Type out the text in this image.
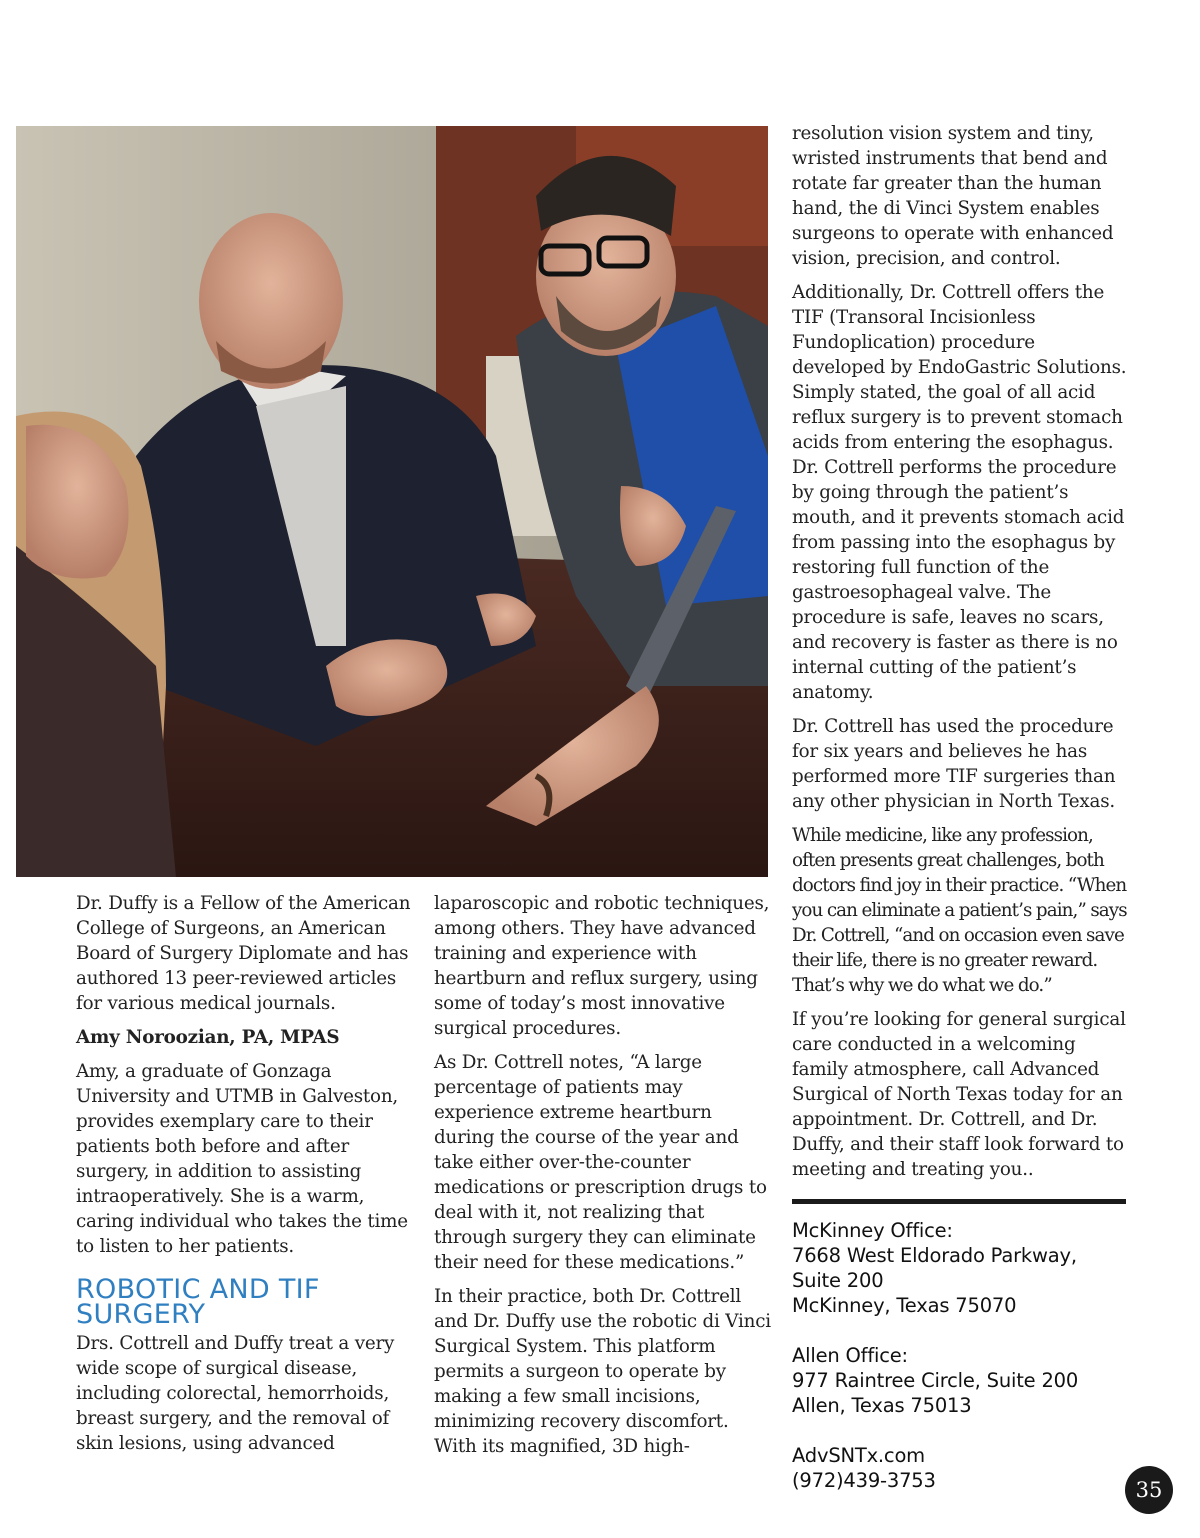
Dr. Duffy is a Fellow of the American College of Surgeons, an American Board of Surgery Diplomate and has authored 13 peer-reviewed articles for various medical journals.

Amy Noroozian, PA, MPAS

Amy, a graduate of Gonzaga University and UTMB in Galveston, provides exemplary care to their patients both before and after surgery, in addition to assisting intraoperatively. She is a warm, caring individual who takes the time to listen to her patients.

ROBOTIC AND TIF SURGERY

Drs. Cottrell and Duffy treat a very wide scope of surgical disease, including colorectal, hemorrhoids, breast surgery, and the removal of skin lesions, using advanced

laparoscopic and robotic techniques, among others. They have advanced training and experience with heartburn and reflux surgery, using some of today’s most innovative surgical procedures.

As Dr. Cottrell notes, “A large percentage of patients may experience extreme heartburn during the course of the year and take either over-the-counter medications or prescription drugs to deal with it, not realizing that through surgery they can eliminate their need for these medications.”

In their practice, both Dr. Cottrell and Dr. Duffy use the robotic di Vinci Surgical System. This platform permits a surgeon to operate by making a few small incisions, minimizing recovery discomfort. With its magnified, 3D high-

resolution vision system and tiny, wristed instruments that bend and rotate far greater than the human hand, the di Vinci System enables surgeons to operate with enhanced vision, precision, and control.

Additionally, Dr. Cottrell offers the TIF (Transoral Incisionless Fundoplication) procedure developed by EndoGastric Solutions. Simply stated, the goal of all acid reflux surgery is to prevent stomach acids from entering the esophagus. Dr. Cottrell performs the procedure by going through the patient’s mouth, and it prevents stomach acid from passing into the esophagus by restoring full function of the gastroesophageal valve. The procedure is safe, leaves no scars, and recovery is faster as there is no internal cutting of the patient’s anatomy.

Dr. Cottrell has used the procedure for six years and believes he has performed more TIF surgeries than any other physician in North Texas.

While medicine, like any profession, often presents great challenges, both doctors find joy in their practice. “When you can eliminate a patient’s pain,” says Dr. Cottrell, “and on occasion even save their life, there is no greater reward. That’s why we do what we do.”

If you’re looking for general surgical care conducted in a welcoming family atmosphere, call Advanced Surgical of North Texas today for an appointment. Dr. Cottrell, and Dr. Duffy, and their staff look forward to meeting and treating you..

McKinney Office:
7668 West Eldorado Parkway,
Suite 200
McKinney, Texas 75070
Allen Office:
977 Raintree Circle, Suite 200
Allen, Texas 75013
AdvSNTx.com
(972)439-3753	35
